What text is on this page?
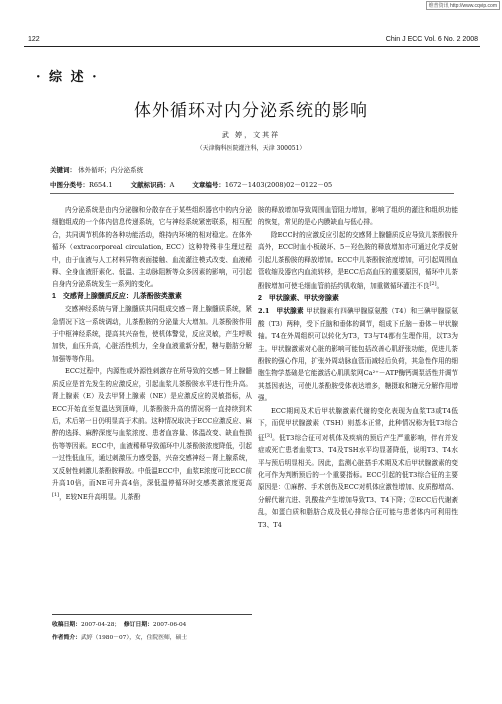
维普资讯 http://www.cqvip.com
122	Chin J ECC Vol. 6 No. 2 2008
· 综 述 ·
体外循环对内分泌系统的影响
武 婷，文其祥
（天津胸科医院灌注科，天津 300051）
关键词： 体外循环；内分泌系统
中图分类号：R654.1	文献标识码：A	文章编号：1672－1403(2008)02－0122－05

内分泌系统是由内分泌腺和分散存在于某些组织器官中的内分泌细胞组成的一个体内信息传递系统，它与神经系统紧密联系，相互配合，共同调节机体的各种功能活动，维持内环境的相对稳定。在体外循环（extracorporeal circulation, ECC）这种特殊非生理过程中，由于血液与人工材料异物表面接触、血流灌注模式改变、血液稀释、全身血液肝素化、低温、主动脉阻断等众多因素的影响，可引起自身内分泌系统发生一系列的变化。

1　交感肾上腺髓质反应：儿茶酚胺类激素

交感神经系统与肾上腺髓质共同组成交感－肾上腺髓质系统，紧急情况下这一系统调动，儿茶酚胺的分泌量大大增加。儿茶酚胺作用于中枢神经系统，提高其兴奋性，使机体警觉，反应灵敏，产生呼吸加快，血压升高，心脏活性机力，全身血液重新分配，糖与脂肪分解加强等等作用。

ECC过程中，内源性或外源性刺激存在所导致的交感－肾上腺髓质反应是首先发生的应激反应，引起血浆儿茶酚胺水平进行性升高。肾上腺素（E）及去甲肾上腺素（NE）是应激反应的灵敏指标，从ECC开始直至复温达到顶峰，儿茶酚胺升高的情况将一直持续到术后，术后第一日仍明显高于术前。这种情况取决于ECC应激反应、麻醉的选择、麻醉深度与血浆浓度、患者血容量、体温改变、缺血性损伤等等因素。ECC中，血液稀释导致循环中儿茶酚胺浓度降低，引起一过性低血压，通过刺激压力感受器，兴奋交感神经－肾上腺系统，又反射性刺激儿茶酚胺释放。中低温ECC中，血浆E浓度可比ECC前升高10倍，而NE可升高4倍，深低温停循环时交感类激浓度更高[1]，E较NE升高明显。儿茶酚

胺的释放增加导致周围血管阻力增加，影响了组织的灌注和组织功能的恢复，常见的是心内膜缺血与低心排。

除ECC时的应激反应引起的交感肾上腺髓质反应导致儿茶酚胺升高外，ECC时血小板破坏、5－羟色胺的释放增加亦可通过化学反射引起儿茶酚胺的释放增加。ECC中儿茶酚胺浓度增加，可引起周围血管收缩及器官内血流转移，是ECC后高血压的重要原因，循环中儿茶酚胺增加可使毛细血管前括约肌收缩，加重微循环灌注不良[2]。

2　甲状腺素、甲状旁腺素

2.1　甲状腺素 甲状腺素有四碘甲腺原氨酸（T4）和三碘甲腺原氨酸（T3）两种，受下丘脑和垂体的调节，组成下丘脑－垂体－甲状腺轴。T4在外周组织可以转化为T3，T3与T4都有生理作用，以T3为主。甲状腺激素对心脏的影响可能包括改善心肌舒张功能，促进儿茶酚胺的强心作用，扩张外周动脉血管而减轻后负荷，其急性作用的细胞生物学基础是它能激活心肌肌浆网Ca²⁺－ATP酶钙调泵活性并调节其基因表达，可使儿茶酚胺受体表达增多，糖摄取和糖元分解作用增强。

ECC期间及术后甲状腺激素代谢的变化表现为血浆T3或T4低下，而促甲状腺激素（TSH）则基本正常，此种情况称为低T3综合征[3]。低T3综合征可对机体及疾病的预后产生严重影响，伴有并发症或死亡患者血浆T3、T4及TSH水平均显著降低，说明T3、T4水平与预后明显相关。因此，监测心脏搭手术期及术后甲状腺激素的变化可作为判断预后的一个重要指标。ECC引起的低T3综合征的主要原因是：①麻醉、手术创伤及ECC对机体应激性增加、皮质醇增高、分解代谢亢进、乳酸盐产生增加导致T3、T4下降；②ECC后代谢紊乱，如蛋白质和脂肪合成及低心排综合征可能与患者体内可利用性T3、T4

收稿日期：2007-04-28； 修订日期：2007-06-04
作者简介：武婷（1980－07），女，住院医师，硕士
